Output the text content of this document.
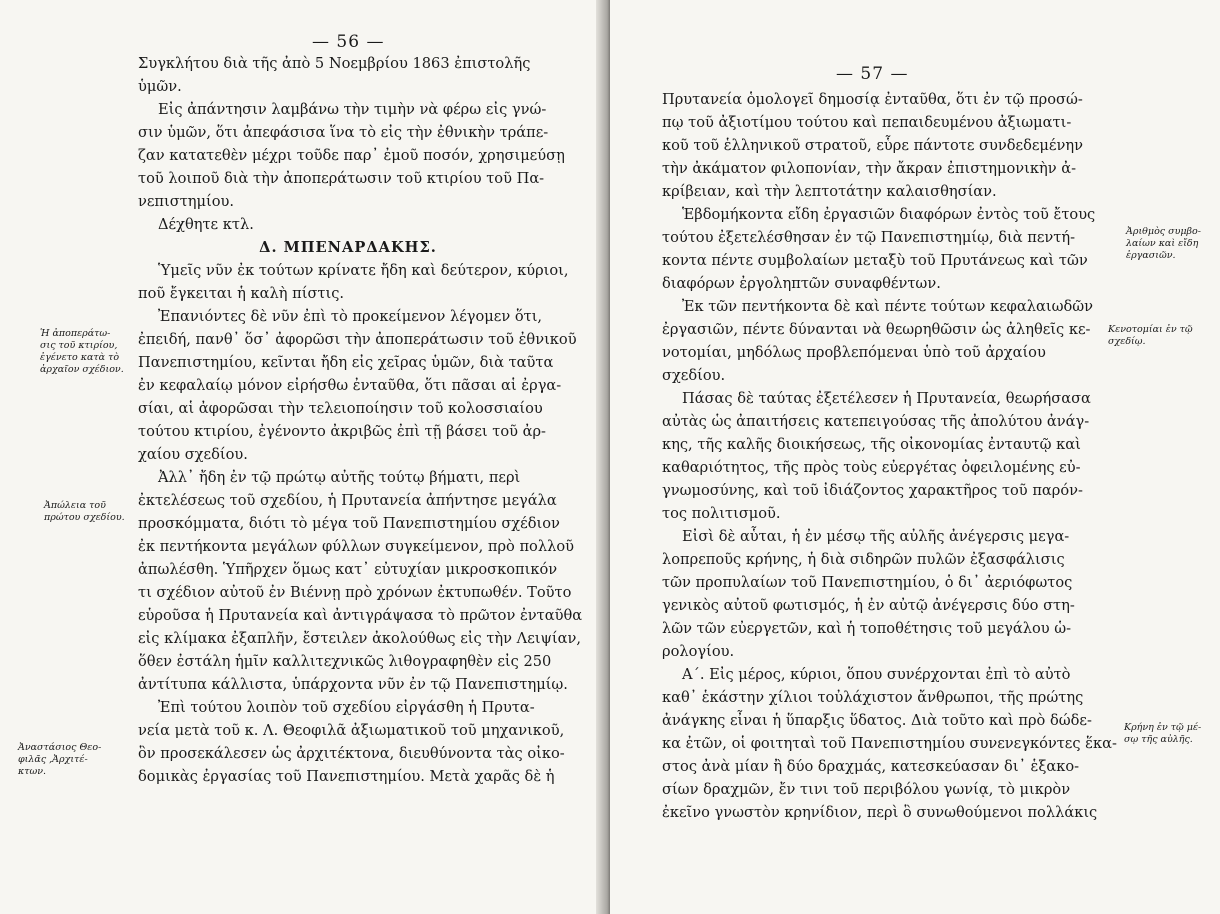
— 56 —
Συγκλήτου διὰ τῆς ἀπὸ 5 Νοεμβρίου 1863 ἐπιστολῆς
ὑμῶν.
Εἰς ἀπάντησιν λαμβάνω τὴν τιμὴν νὰ φέρω εἰς γνώ-
σιν ὑμῶν, ὅτι ἀπεφάσισα ἵνα τὸ εἰς τὴν ἐθνικὴν τράπε-
ζαν κατατεθὲν μέχρι τοῦδε παρ᾽ ἐμοῦ ποσόν, χρησιμεύσῃ
τοῦ λοιποῦ διὰ τὴν ἀποπεράτωσιν τοῦ κτιρίου τοῦ Πα-
νεπιστημίου.
Δέχθητε κτλ.
Δ. ΜΠΕΝΑΡΔΑΚΗΣ.
Ὑμεῖς νῦν ἐκ τούτων κρίνατε ἤδη καὶ δεύτερον, κύριοι,
ποῦ ἔγκειται ἡ καλὴ πίστις.
Ἐπανιόντες δὲ νῦν ἐπὶ τὸ προκείμενον λέγομεν ὅτι,
ἐπειδή, πανθ᾽ ὅσ᾽ ἀφορῶσι τὴν ἀποπεράτωσιν τοῦ ἐθνικοῦ
Πανεπιστημίου, κεῖνται ἤδη εἰς χεῖρας ὑμῶν, διὰ ταῦτα
ἐν κεφαλαίῳ μόνον εἰρήσθω ἐνταῦθα, ὅτι πᾶσαι αἱ ἐργα-
σίαι, αἱ ἀφορῶσαι τὴν τελειοποίησιν τοῦ κολοσσιαίου
τούτου κτιρίου, ἐγένοντο ἀκριβῶς ἐπὶ τῇ βάσει τοῦ ἀρ-
χαίου σχεδίου.
Ἀλλ᾽ ἤδη ἐν τῷ πρώτῳ αὐτῆς τούτῳ βήματι, περὶ
ἐκτελέσεως τοῦ σχεδίου, ἡ Πρυτανεία ἀπήντησε μεγάλα
προσκόμματα, διότι τὸ μέγα τοῦ Πανεπιστημίου σχέδιον
ἐκ πεντήκοντα μεγάλων φύλλων συγκείμενον, πρὸ πολλοῦ
ἀπωλέσθη. Ὑπῆρχεν ὅμως κατ᾽ εὐτυχίαν μικροσκοπικόν
τι σχέδιον αὐτοῦ ἐν Βιέννῃ πρὸ χρόνων ἐκτυπωθέν. Τοῦτο
εὑροῦσα ἡ Πρυτανεία καὶ ἀντιγράψασα τὸ πρῶτον ἐνταῦθα
εἰς κλίμακα ἐξαπλῆν, ἔστειλεν ἀκολούθως εἰς τὴν Λειψίαν,
ὅθεν ἐστάλη ἡμῖν καλλιτεχνικῶς λιθογραφηθὲν εἰς 250
ἀντίτυπα κάλλιστα, ὑπάρχοντα νῦν ἐν τῷ Πανεπιστημίῳ.
Ἐπὶ τούτου λοιπὸν τοῦ σχεδίου εἰργάσθη ἡ Πρυτα-
νεία μετὰ τοῦ κ. Λ. Θεοφιλᾶ ἀξιωματικοῦ τοῦ μηχανικοῦ,
ὃν προσεκάλεσεν ὡς ἀρχιτέκτονα, διευθύνοντα τὰς οἰκο-
δομικὰς ἐργασίας τοῦ Πανεπιστημίου. Μετὰ χαρᾶς δὲ ἡ
Ἡ ἀποπεράτω-
σις τοῦ κτιρίου,
ἐγένετο κατὰ τὸ
ἀρχαῖον σχέδιον.
Ἀπώλεια τοῦ
πρώτου σχεδίου.
Ἀναστάσιος Θεο-
φιλᾶς ,Ἀρχιτέ-
κτων.
— 57 —
Πρυτανεία ὁμολογεῖ δημοσίᾳ ἐνταῦθα, ὅτι ἐν τῷ προσώ-
πῳ τοῦ ἀξιοτίμου τούτου καὶ πεπαιδευμένου ἀξιωματι-
κοῦ τοῦ ἑλληνικοῦ στρατοῦ, εὗρε πάντοτε συνδεδεμένην
τὴν ἀκάματον φιλοπονίαν, τὴν ἄκραν ἐπιστημονικὴν ἀ-
κρίβειαν, καὶ τὴν λεπτοτάτην καλαισθησίαν.
Ἑβδομήκοντα εἴδη ἐργασιῶν διαφόρων ἐντὸς τοῦ ἔτους
τούτου ἐξετελέσθησαν ἐν τῷ Πανεπιστημίῳ, διὰ πεντή-
κοντα πέντε συμβολαίων μεταξὺ τοῦ Πρυτάνεως καὶ τῶν
διαφόρων ἐργοληπτῶν συναφθέντων.
Ἐκ τῶν πεντήκοντα δὲ καὶ πέντε τούτων κεφαλαιωδῶν
ἐργασιῶν, πέντε δύνανται νὰ θεωρηθῶσιν ὡς ἀληθεῖς κε-
νοτομίαι, μηδόλως προβλεπόμεναι ὑπὸ τοῦ ἀρχαίου
σχεδίου.
Πάσας δὲ ταύτας ἐξετέλεσεν ἡ Πρυτανεία, θεωρήσασα
αὐτὰς ὡς ἀπαιτήσεις κατεπειγούσας τῆς ἀπολύτου ἀνάγ-
κης, τῆς καλῆς διοικήσεως, τῆς οἰκονομίας ἐνταυτῷ καὶ
καθαριότητος, τῆς πρὸς τοὺς εὐεργέτας ὀφειλομένης εὐ-
γνωμοσύνης, καὶ τοῦ ἰδιάζοντος χαρακτῆρος τοῦ παρόν-
τος πολιτισμοῦ.
Εἰσὶ δὲ αὗται, ἡ ἐν μέσῳ τῆς αὐλῆς ἀνέγερσις μεγα-
λοπρεποῦς κρήνης, ἡ διὰ σιδηρῶν πυλῶν ἐξασφάλισις
τῶν προπυλαίων τοῦ Πανεπιστημίου, ὁ δι᾽ ἀεριόφωτος
γενικὸς αὐτοῦ φωτισμός, ἡ ἐν αὐτῷ ἀνέγερσις δύο στη-
λῶν τῶν εὐεργετῶν, καὶ ἡ τοποθέτησις τοῦ μεγάλου ὡ-
ρολογίου.
Α΄. Εἰς μέρος, κύριοι, ὅπου συνέρχονται ἐπὶ τὸ αὐτὸ
καθ᾽ ἑκάστην χίλιοι τοὐλάχιστον ἄνθρωποι, τῆς πρώτης
ἀνάγκης εἶναι ἡ ὕπαρξις ὕδατος. Διὰ τοῦτο καὶ πρὸ δώδε-
κα ἐτῶν, οἱ φοιτηταὶ τοῦ Πανεπιστημίου συνενεγκόντες ἕκα-
στος ἀνὰ μίαν ἢ δύο δραχμάς, κατεσκεύασαν δι᾽ ἑξακο-
σίων δραχμῶν, ἔν τινι τοῦ περιβόλου γωνίᾳ, τὸ μικρὸν
ἐκεῖνο γνωστὸν κρηνίδιον, περὶ ὃ συνωθούμενοι πολλάκις
Ἀριθμὸς συμβο-
λαίων καὶ εἴδη
ἐργασιῶν.
Κενοτομίαι ἐν τῷ
σχεδίῳ.
Κρήνη ἐν τῷ μέ-
σῳ τῆς αὐλῆς.
